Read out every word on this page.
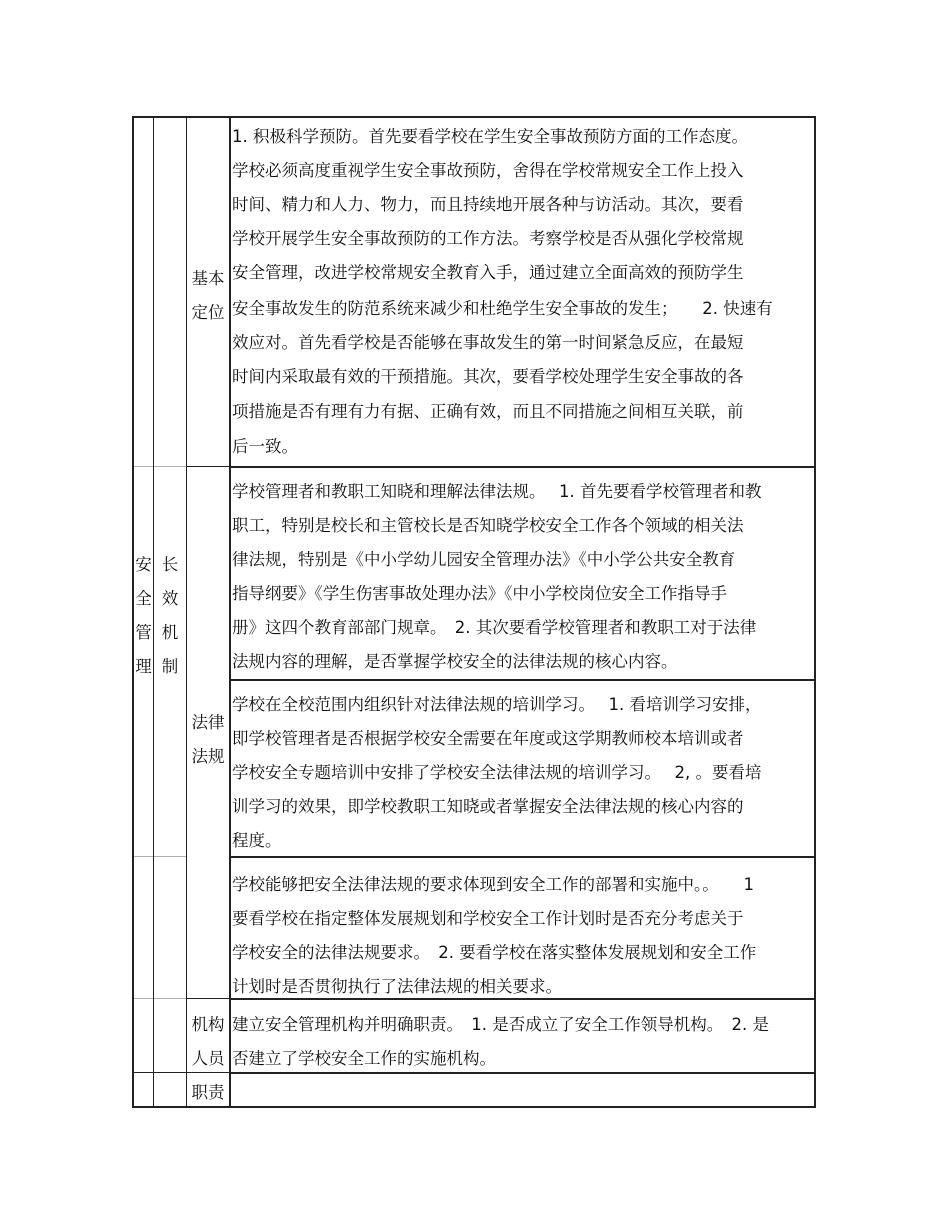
安
全
管
理
长
效
机
制
基本
定位
法律
法规
机构
人员
职责
1. 积极科学预防。首先要看学校在学生安全事故预防方面的工作态度。
学校必须高度重视学生安全事故预防，舍得在学校常规安全工作上投入
时间、精力和人力、物力，而且持续地开展各种与访活动。其次，要看
学校开展学生安全事故预防的工作方法。考察学校是否从强化学校常规
安全管理，改进学校常规安全教育入手，通过建立全面高效的预防学生
安全事故发生的防范系统来减少和杜绝学生安全事故的发生；　　2. 快速有
效应对。首先看学校是否能够在事故发生的第一时间紧急反应，在最短
时间内采取最有效的干预措施。其次，要看学校处理学生安全事故的各
项措施是否有理有力有据、正确有效，而且不同措施之间相互关联，前
后一致。
学校管理者和教职工知晓和理解法律法规。　 1. 首先要看学校管理者和教
职工，特别是校长和主管校长是否知晓学校安全工作各个领域的相关法
律法规，特别是《中小学幼儿园安全管理办法》《中小学公共安全教育
指导纲要》《学生伤害事故处理办法》《中小学校岗位安全工作指导手
册》这四个教育部部门规章。　2. 其次要看学校管理者和教职工对于法律
法规内容的理解，是否掌握学校安全的法律法规的核心内容。
学校在全校范围内组织针对法律法规的培训学习。　 1. 看培训学习安排，
即学校管理者是否根据学校安全需要在年度或这学期教师校本培训或者
学校安全专题培训中安排了学校安全法律法规的培训学习。　 2, 。要看培
训学习的效果，即学校教职工知晓或者掌握安全法律法规的核心内容的
程度。
学校能够把安全法律法规的要求体现到安全工作的部署和实施中。。　　1
要看学校在指定整体发展规划和学校安全工作计划时是否充分考虑关于
学校安全的法律法规要求。　2. 要看学校在落实整体发展规划和安全工作
计划时是否贯彻执行了法律法规的相关要求。
建立安全管理机构并明确职责。　1. 是否成立了安全工作领导机构。　2. 是
否建立了学校安全工作的实施机构。
